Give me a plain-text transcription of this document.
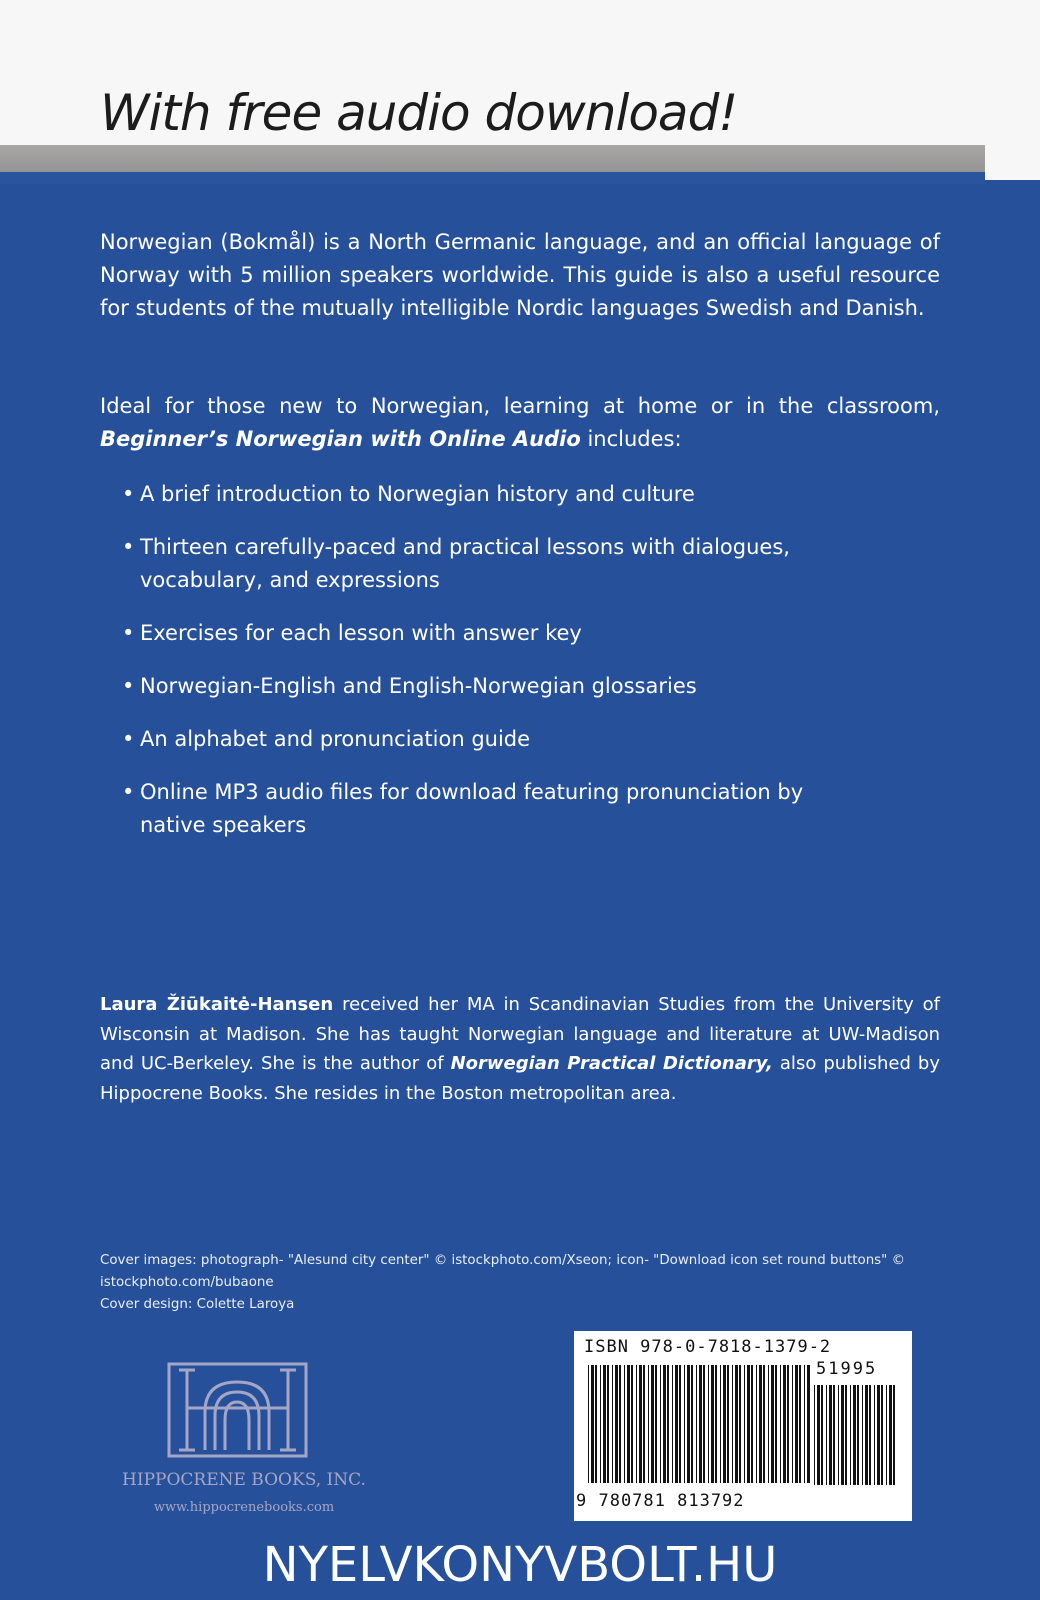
With free audio download!
Norwegian (Bokmål) is a North Germanic language, and an official language of Norway with 5 million speakers worldwide. This guide is also a useful resource for students of the mutually intelligible Nordic languages Swedish and Danish.
Ideal for those new to Norwegian, learning at home or in the classroom, Beginner’s Norwegian with Online Audio includes:
• A brief introduction to Norwegian history and culture
• Thirteen carefully-paced and practical lessons with dialogues, vocabulary, and expressions
• Exercises for each lesson with answer key
• Norwegian-English and English-Norwegian glossaries
• An alphabet and pronunciation guide
• Online MP3 audio files for download featuring pronunciation by native speakers
Laura Žiūkaitė-Hansen received her MA in Scandinavian Studies from the University of Wisconsin at Madison. She has taught Norwegian language and literature at UW-Madison and UC-Berkeley. She is the author of Norwegian Practical Dictionary, also published by Hippocrene Books. She resides in the Boston metropolitan area.
Cover images: photograph- "Alesund city center" © istockphoto.com/Xseon; icon- "Download icon set round buttons" © istockphoto.com/bubaone
Cover design: Colette Laroya
HIPPOCRENE BOOKS, INC.
www.hippocrenebooks.com
ISBN 978-0-7818-1379-2
51995
9 780781 813792
NYELVKONYVBOLT.HU
